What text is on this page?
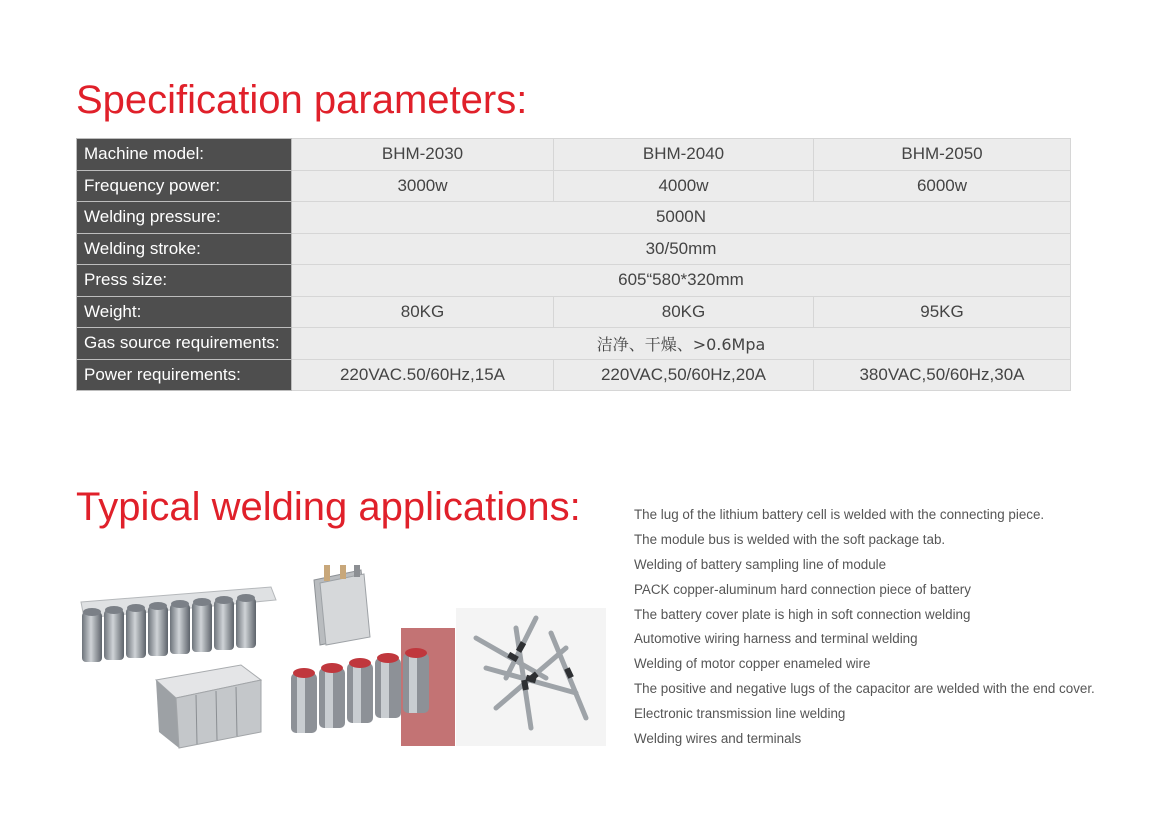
Specification parameters:
Machine model:	BHM-2030	BHM-2040	BHM-2050
Frequency power:	3000w	4000w	6000w
Welding pressure:	5000N		
Welding stroke:	30/50mm		
Press size:	605“580*320mm		
Weight:	80KG	80KG	95KG
Gas source requirements:	洁净、干燥、>0.6Mpa		
Power requirements:	220VAC.50/60Hz,15A	220VAC,50/60Hz,20A	380VAC,50/60Hz,30A
Typical welding applications:	The lug of the lithium battery cell is welded with the connecting piece.
The module bus is welded with the soft package tab.
Welding of battery sampling line of module
PACK copper-aluminum hard connection piece of battery
The battery cover plate is high in soft connection welding
Automotive wiring harness and terminal welding
Welding of motor copper enameled wire
The positive and negative lugs of the capacitor are welded with the end cover.
Electronic transmission line welding
Welding wires and terminals
